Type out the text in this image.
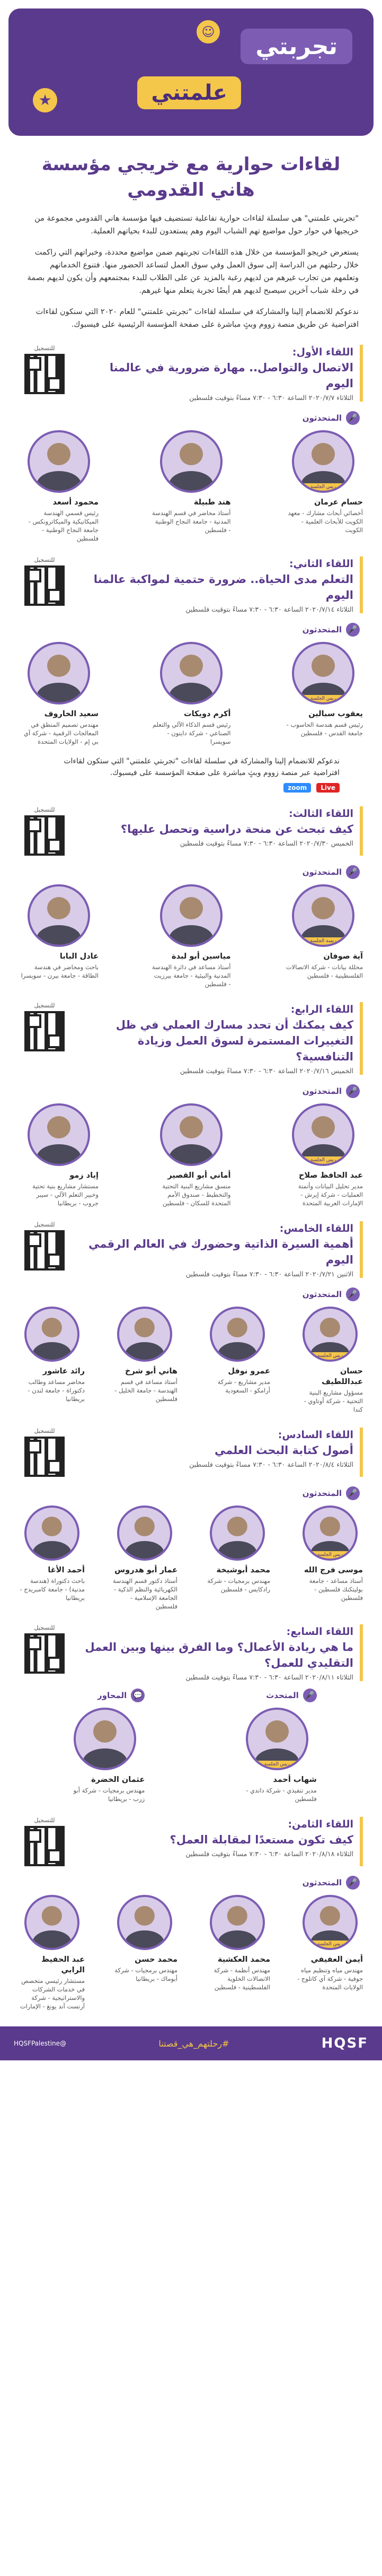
☺
تجربتي
علمتني
★
لقاءات حوارية مع خريجي مؤسسة هاني القدومي

"تجربتي علمتني" هي سلسلة لقاءات حوارية تفاعلية تستضيف فيها مؤسسة هاني القدومي مجموعة من خريجيها في حوار حول مواضيع تهم الشباب اليوم وهم يستعدون للبدء بحياتهم العملية.

يستعرض خريجو المؤسسة من خلال هذه اللقاءات تجربتهم ضمن مواضيع محددة، وخبراتهم التي راكمت خلال رحلتهم من الدراسة إلى سوق العمل وفي سوق العمل لتساعد الحضور منها. فتنوع الخدماتهم وتعلمهم من تجارب غيرهم من لديهم رغبة بالمزيد عن على الطلاب للبدء بمجتمعهم وأن يكون لديهم بصمة في رحلة شباب آخرين سيصبح لديهم هم أيضًا تجربة يتعلم منها غيرهم.

ندعوكم للانضمام إلينا والمشاركة في سلسلة لقاءات "تجربتي علمتني" للعام ٢٠٢٠ التي سنكون لقاءات افتراضية عن طريق منصة زووم وبثٍ مباشرة على صفحة المؤسسة الرئيسية على فيسبوك.

اللقاء الأول:
الاتصال والتواصل.. مهارة ضرورية في عالمنا اليوم
الثلاثاء ٢٠٢٠/٧/٧ الساعة ٦:٣٠ - ٧:٣٠ مساءً بتوقيت فلسطين
للتسجيل
🎤
المتحدثون
ريس الجلسة
حسام عرمان
أخصائي أبحاث مشارك - معهد الكويت للأبحاث العلمية - الكويت
هند طبيلة
أستاذ محاضر في قسم الهندسة المدنية - جامعة النجاح الوطنية - فلسطين
محمود أسعد
رئيس قسمي الهندسة الميكانيكية والميكاترونكس - جامعة النجاح الوطنية - فلسطين
اللقاء الثاني:
التعلم مدى الحياة.. ضرورة حتمية لمواكبة عالمنا اليوم
الثلاثاء ٢٠٢٠/٧/١٤ الساعة ٦:٣٠ - ٧:٣٠ مساءً بتوقيت فلسطين
للتسجيل
🎤
المتحدثون
ريس الجلسة
يعقوب سبالين
رئيس قسم هندسة الحاسوب - جامعة القدس - فلسطين
أكرم دويكات
رئيس قسم الذكاء الآلي والتعلم الصناعي - شركة دايتون - سويسرا
سعيد الخاروف
مهندس تصميم المنطق في المعالجات الرقمية - شركة آي بي إم - الولايات المتحدة

ندعوكم للانضمام إلينا والمشاركة في سلسلة لقاءات "تجربتي علمتني" التي ستكون لقاءات افتراضية عبر منصة زووم وبثٍ مباشرة على صفحة المؤسسة على فيسبوك.

Live
zoom
اللقاء الثالث:
كيف تبحث عن منحة دراسية وتحصل عليها؟
الخميس ٢٠٢٠/٧/٣٠ الساعة ٦:٣٠ - ٧:٣٠ مساءً بتوقيت فلسطين
للتسجيل
🎤
المتحدثون
ريسة الجلسة
آية صوفان
محللة بيانات - شركة الاتصالات الفلسطينية - فلسطين
مياسين أبو لبدة
أستاذ مساعد في دائرة الهندسة المدنية والبيئية - جامعة بيرزيت - فلسطين
عادل البابا
باحث ومحاضر في هندسة الطاقة - جامعة بيرن - سويسرا
اللقاء الرابع:
كيف يمكنك أن تحدد مسارك العملي في ظل التغييرات المستمرة لسوق العمل وزيادة التنافسية؟
الخميس ٢٠٢٠/٧/١٦ الساعة ٦:٣٠ - ٧:٣٠ مساءً بتوقيت فلسطين
للتسجيل
🎤
المتحدثون
ريس الجلسة
عبد الحافظ صلاح
مدير تحليل البيانات وأتمتة العمليات - شركة إيرش - الإمارات العربية المتحدة
أماني أبو القصير
منسق مشاريع البنية التحتية والتخطيط - صندوق الأمم المتحدة للسكان - فلسطين
إياد زمو
مستشار مشاريع بنية تحتية وخبير التعلم الآلي - سيبر جروب - بريطانيا
اللقاء الخامس:
أهمية السيرة الذاتية وحضورك في العالم الرقمي اليوم
الاثنين ٢٠٢٠/٧/٢١ الساعة ٦:٣٠ - ٧:٣٠ مساءً بتوقيت فلسطين
للتسجيل
🎤
المتحدثون
ريس الجلسة
حسان عبداللطيف
مسؤول مشاريع البنية التحتية - شركة أوتاوي - كندا
عمرو نوفل
مدير مشاريع - شركة أرامكو - السعودية
هاني أبو شرخ
أستاذ مساعد في قسم الهندسة - جامعة الخليل - فلسطين
رائد عاشور
محاضر مساعد وطالب دكتوراة - جامعة لندن - بريطانيا
اللقاء السادس:
أصول كتابة البحث العلمي
الثلاثاء ٢٠٢٠/٨/٤ الساعة ٦:٣٠ - ٧:٣٠ مساءً بتوقيت فلسطين
للتسجيل
🎤
المتحدثون
ريس الجلسة
موسى فرج الله
أستاذ مساعد - جامعة بوليتكنك فلسطين - فلسطين
محمد أبوشيخة
مهندس برمجيات - شركة رادكايس - فلسطين
عمار أبو هدروس
أستاذ دكتور قسم الهندسة الكهربائية والنظم الذكية - الجامعة الإسلامية - فلسطين
أحمد الأغا
باحث دكتوراة (هندسة مدنية) - جامعة كامبريدج - بريطانيا
اللقاء السابع:
ما هي ريادة الأعمال؟ وما الفرق بينها وبين العمل التقليدي للعمل؟
الثلاثاء ٢٠٢٠/٨/١١ الساعة ٦:٣٠ - ٧:٣٠ مساءً بتوقيت فلسطين
للتسجيل
🎤
المتحدث
ريس الجلسة
شهاب أحمد
مدير تنفيذي - شركة داندي - فلسطين
💬
المحاور
عثمان الخضرة
مهندس برمجيات - شركة أبو زرب - بريطانيا
اللقاء الثامن:
كيف تكون مستعدًا لمقابلة العمل؟
الثلاثاء ٢٠٢٠/٨/١٨ الساعة ٦:٣٠ - ٧:٣٠ مساءً بتوقيت فلسطين
للتسجيل
🎤
المتحدثون
ريس الجلسة
أيمن العفيفي
مهندس مياه وتنظيم مياه جوفية - شركة آي كاتلوج - الولايات المتحدة
محمد العكشية
مهندس أنظمة - شركة الاتصالات الخلوية الفلسطينية - فلسطين
محمد حسن
مهندس برمجيات - شركة أبوماك - بريطانيا
عبد الحفيظ الرابي
مستشار رئيسي متخصص في خدمات الشركات والاستراتيجية - شركة آرنست آند يونغ - الإمارات
HQSF
#رحلتهم_هي_قصتنا
@HQSFPalestine
